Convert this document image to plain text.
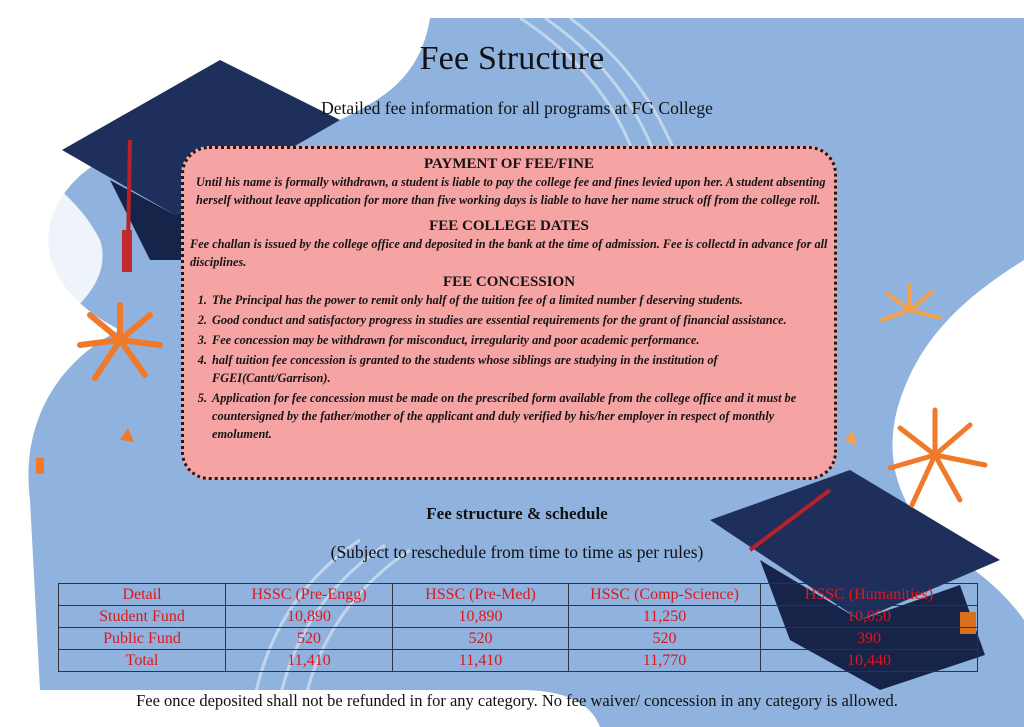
Fee Structure
Detailed fee information for all programs at FG College
PAYMENT OF FEE/FINE

Until his name is formally withdrawn, a student is liable to pay the college fee and fines levied upon her. A student absenting herself without leave application for more than five working days is liable to have her name struck off from the college roll.

FEE COLLEGE DATES

Fee challan is issued by the college office and deposited in the bank at the time of admission. Fee is collectd in advance for all disciplines.

FEE CONCESSION
1. The Principal has the power to remit only half of the tuition fee of a limited number f deserving students.
2. Good conduct and satisfactory progress in studies are essential requirements for the grant of financial assistance.
3. Fee concession may be withdrawn for misconduct, irregularity and poor academic performance.
4. half tuition fee concession is granted to the students whose siblings are studying in the institution of FGEI(Cantt/Garrison).
5. Application for fee concession must be made on the prescribed form available from the college office and it must be countersigned by the father/mother of the applicant and duly verified by his/her employer in respect of monthly emolument.
Fee structure & schedule
(Subject to reschedule from time to time as per rules)
Detail	HSSC (Pre-Engg)	HSSC (Pre-Med)	HSSC (Comp-Science)	HSSC (Humanities)
Student Fund	10,890	10,890	11,250	10,050
Public Fund	520	520	520	390
Total	11,410	11,410	11,770	10,440
Fee once deposited shall not be refunded in for any category. No fee waiver/ concession in any category is allowed.
